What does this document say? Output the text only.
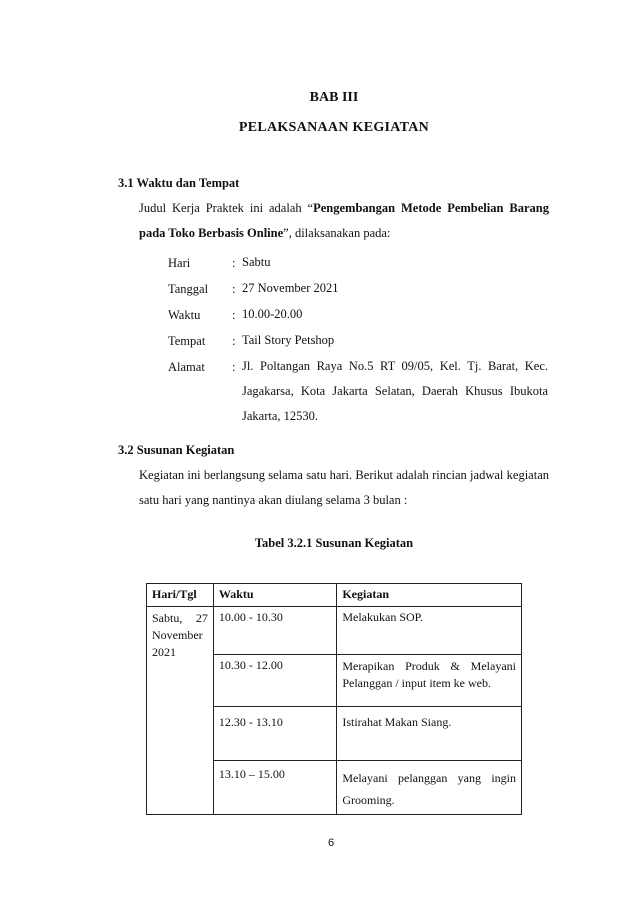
BAB III
PELAKSANAAN KEGIATAN
3.1 Waktu dan Tempat
Judul Kerja Praktek ini adalah “Pengembangan Metode Pembelian Barang pada Toko Berbasis Online”, dilaksanakan pada:
Hari	: Sabtu
Tanggal	: 27 November 2021
Waktu	: 10.00-20.00
Tempat	: Tail Story Petshop
Alamat	: Jl. Poltangan Raya No.5 RT 09/05, Kel. Tj. Barat, Kec. Jagakarsa, Kota Jakarta Selatan, Daerah Khusus Ibukota Jakarta, 12530.
3.2 Susunan Kegiatan
Kegiatan ini berlangsung selama satu hari. Berikut adalah rincian jadwal kegiatan satu hari yang nantinya akan diulang selama 3 bulan :
Tabel 3.2.1 Susunan Kegiatan
Hari/Tgl	Waktu	Kegiatan

Sabtu, 27 November 2021	10.00 - 10.30	Melakukan SOP.
	10.30 - 12.00	Merapikan Produk & Melayani Pelanggan / input item ke web.
	12.30 - 13.10	Istirahat Makan Siang.
	13.10 – 15.00	Melayani pelanggan yang ingin Grooming.
6
